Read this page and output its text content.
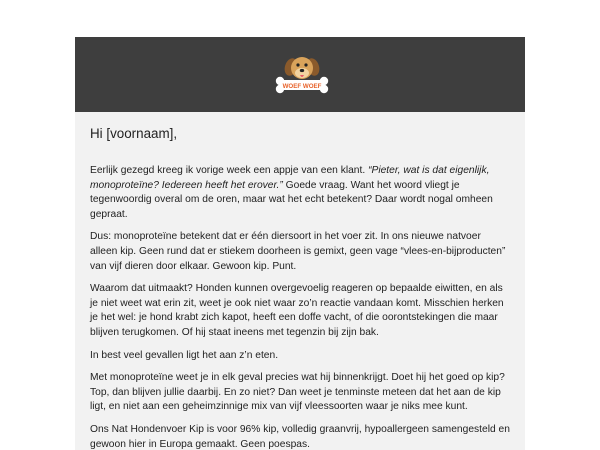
WOEF WOEF

Hi [voornaam],

Eerlijk gezegd kreeg ik vorige week een appje van een klant. “Pieter, wat is dat eigenlijk, monoproteïne? Iedereen heeft het erover.” Goede vraag. Want het woord vliegt je tegenwoordig overal om de oren, maar wat het echt betekent? Daar wordt nogal omheen gepraat.

Dus: monoproteïne betekent dat er één diersoort in het voer zit. In ons nieuwe natvoer alleen kip. Geen rund dat er stiekem doorheen is gemixt, geen vage “vlees-en-bijproducten” van vijf dieren door elkaar. Gewoon kip. Punt.

Waarom dat uitmaakt? Honden kunnen overgevoelig reageren op bepaalde eiwitten, en als je niet weet wat erin zit, weet je ook niet waar zo’n reactie vandaan komt. Misschien herken je het wel: je hond krabt zich kapot, heeft een doffe vacht, of die oorontstekingen die maar blijven terugkomen. Of hij staat ineens met tegenzin bij zijn bak.

In best veel gevallen ligt het aan z’n eten.

Met monoproteïne weet je in elk geval precies wat hij binnenkrijgt. Doet hij het goed op kip? Top, dan blijven jullie daarbij. En zo niet? Dan weet je tenminste meteen dat het aan de kip ligt, en niet aan een geheimzinnige mix van vijf vleessoorten waar je niks mee kunt.

Ons Nat Hondenvoer Kip is voor 96% kip, volledig graanvrij, hypoallergeen samengesteld en gewoon hier in Europa gemaakt. Geen poespas.
